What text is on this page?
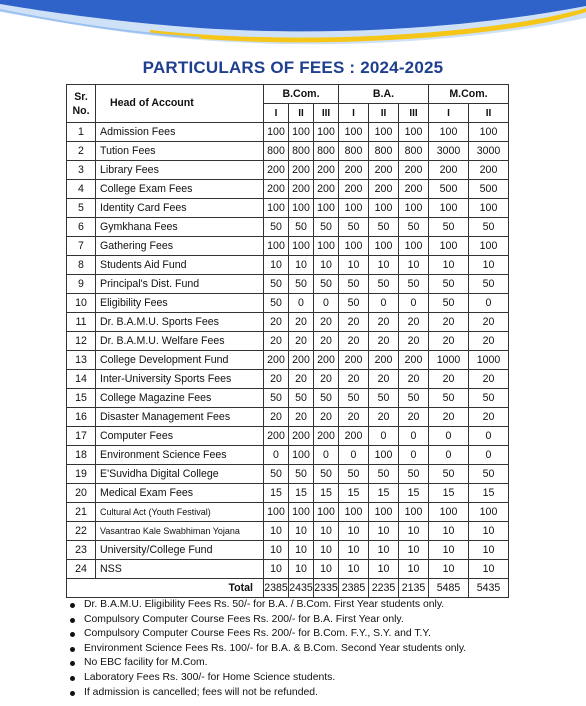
PARTICULARS OF FEES : 2024-2025
Sr. No.	Head of Account	B.Com.			B.A.			M.Com.	
		I	II	III	I	II	III	I	II
1	Admission Fees	100	100	100	100	100	100	100	100
2	Tution Fees	800	800	800	800	800	800	3000	3000
3	Library Fees	200	200	200	200	200	200	200	200
4	College Exam Fees	200	200	200	200	200	200	500	500
5	Identity Card Fees	100	100	100	100	100	100	100	100
6	Gymkhana Fees	50	50	50	50	50	50	50	50
7	Gathering Fees	100	100	100	100	100	100	100	100
8	Students Aid Fund	10	10	10	10	10	10	10	10
9	Principal's Dist. Fund	50	50	50	50	50	50	50	50
10	Eligibility Fees	50	0	0	50	0	0	50	0
11	Dr. B.A.M.U. Sports Fees	20	20	20	20	20	20	20	20
12	Dr. B.A.M.U. Welfare Fees	20	20	20	20	20	20	20	20
13	College Development Fund	200	200	200	200	200	200	1000	1000
14	Inter-University Sports Fees	20	20	20	20	20	20	20	20
15	College Magazine Fees	50	50	50	50	50	50	50	50
16	Disaster Management Fees	20	20	20	20	20	20	20	20
17	Computer Fees	200	200	200	200	0	0	0	0
18	Environment Science Fees	0	100	0	0	100	0	0	0
19	E'Suvidha Digital College	50	50	50	50	50	50	50	50
20	Medical Exam Fees	15	15	15	15	15	15	15	15
21	Cultural Act (Youth Festival)	100	100	100	100	100	100	100	100
22	Vasantrao Kale Swabhiman Yojana	10	10	10	10	10	10	10	10
23	University/College Fund	10	10	10	10	10	10	10	10
24	NSS	10	10	10	10	10	10	10	10
Total		2385	2435	2335	2385	2235	2135	5485	5435
Dr. B.A.M.U. Eligibility Fees Rs. 50/- for B.A. / B.Com. First Year students only.
Compulsory Computer Course Fees Rs. 200/- for B.A. First Year only.
Compulsory Computer Course Fees Rs. 200/- for B.Com. F.Y., S.Y. and T.Y.
Environment Science Fees Rs. 100/- for B.A. & B.Com. Second Year students only.
No EBC facility for M.Com.
Laboratory Fees Rs. 300/- for Home Science students.
If admission is cancelled; fees will not be refunded.
